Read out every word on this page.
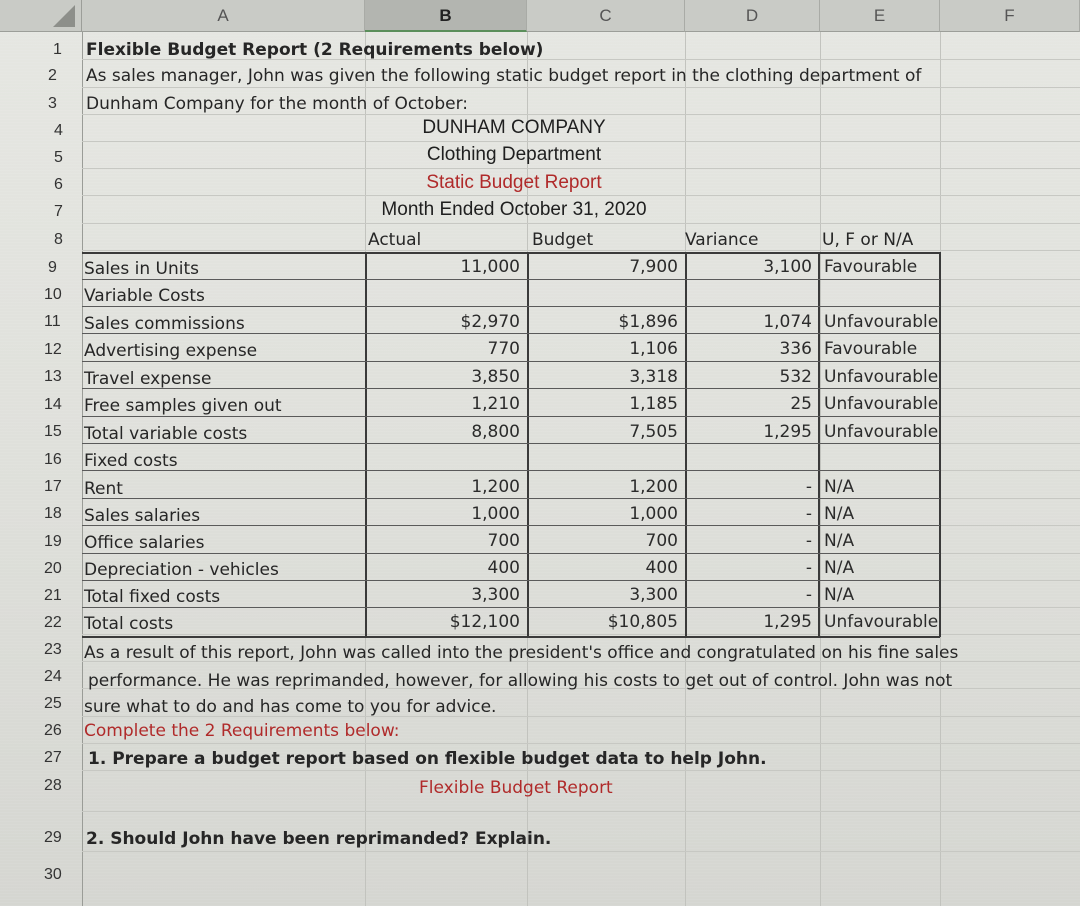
A	B	C	D	E	F
1
2
3
4
5
6
7
8
9
10
11
12
13
14
15
16
17
18
19
20
21
22
23
24
25
26
27
28
29
30
Flexible Budget Report (2 Requirements below)
As sales manager, John was given the following static budget report in the clothing department of
Dunham Company for the month of October:
DUNHAM COMPANY
Clothing Department
Static Budget Report
Month Ended October 31, 2020
Actual	Budget	Variance	U, F or N/A
Sales in Units	11,000	7,900	3,100 Favourable
Variable Costs
Sales commissions	$2,970	$1,896	1,074 Unfavourable
Advertising expense	770	1,106	336 Favourable
Travel expense	3,850	3,318	532 Unfavourable
Free samples given out	1,210	1,185	25 Unfavourable
Total variable costs	8,800	7,505	1,295 Unfavourable
Fixed costs
Rent	1,200	1,200	- N/A
Sales salaries	1,000	1,000	- N/A
Office salaries	700	700	- N/A
Depreciation - vehicles	400	400	- N/A
Total fixed costs	3,300	3,300	- N/A
Total costs	$12,100	$10,805	1,295 Unfavourable
As a result of this report, John was called into the president's office and congratulated on his fine sales
performance. He was reprimanded, however, for allowing his costs to get out of control. John was not
sure what to do and has come to you for advice.
Complete the 2 Requirements below:
1. Prepare a budget report based on flexible budget data to help John.
Flexible Budget Report
2. Should John have been reprimanded? Explain.
